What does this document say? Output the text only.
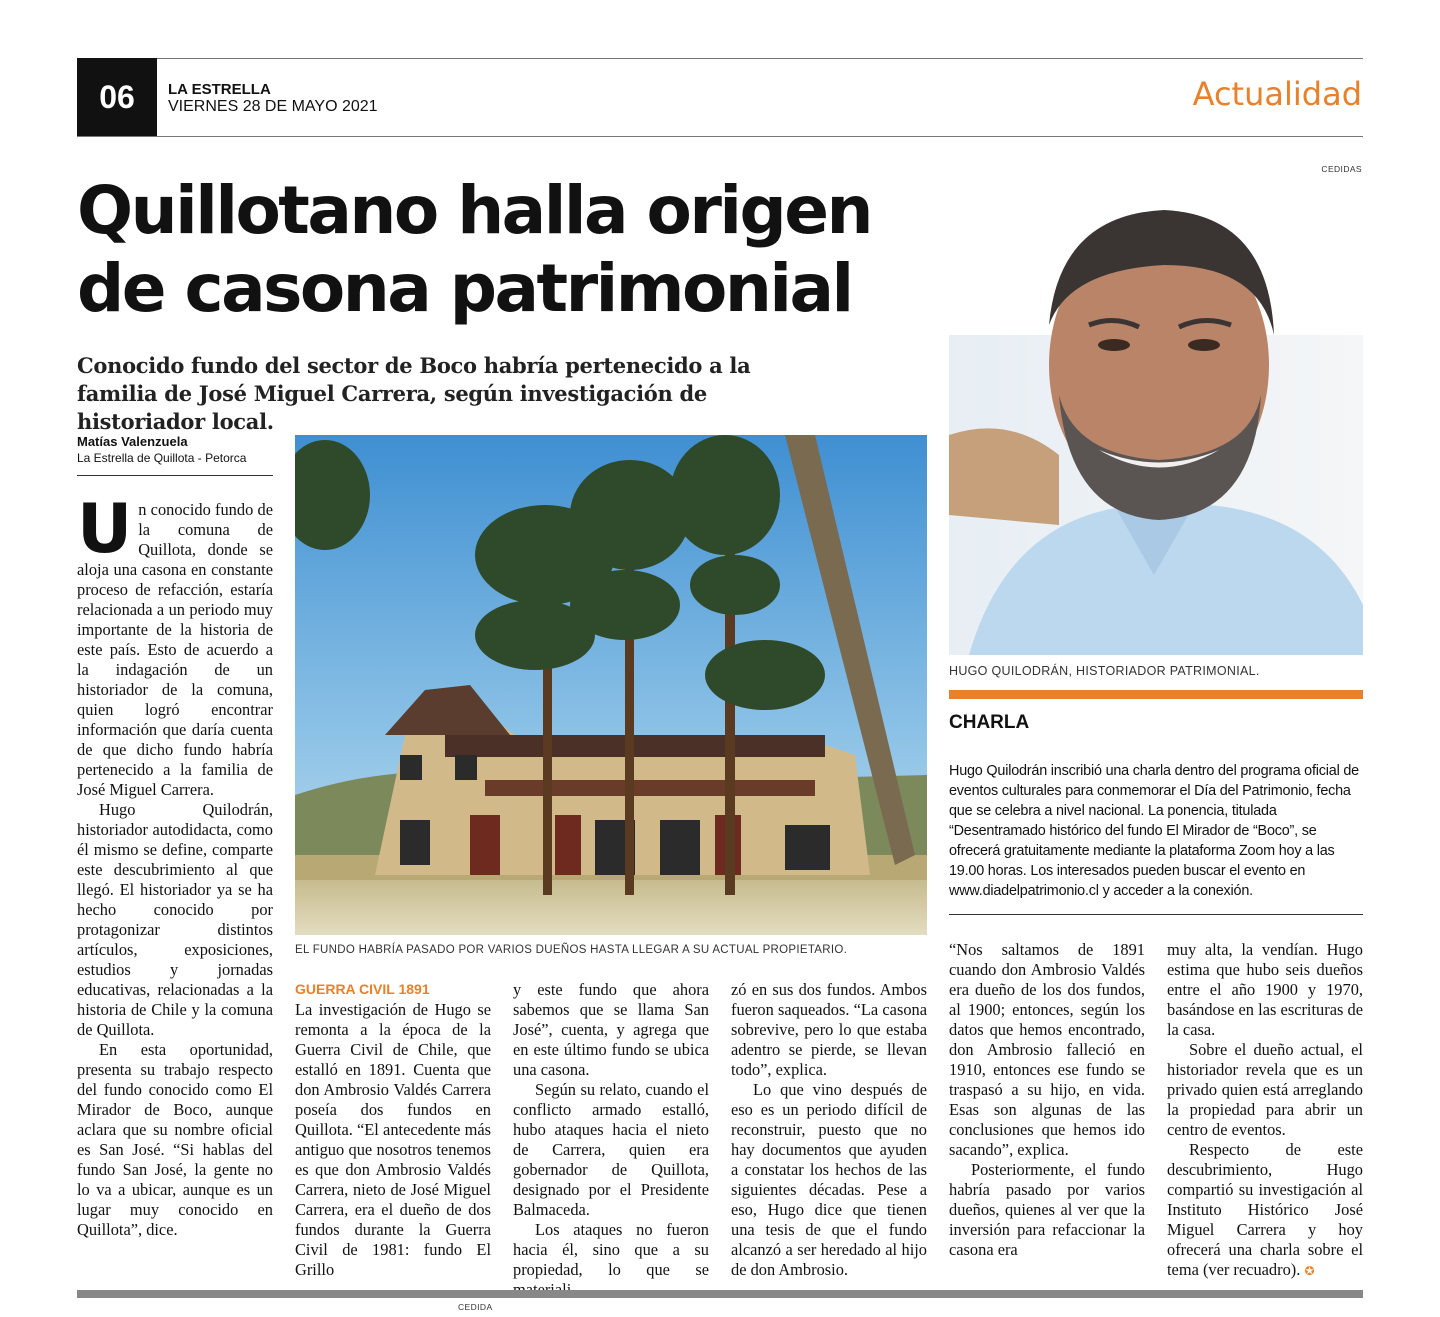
06	LA ESTRELLA
VIERNES 28 DE MAYO 2021	Actualidad
Quillotano halla origen de casona patrimonial
Conocido fundo del sector de Boco habría pertenecido a la familia de José Miguel Carrera, según investigación de historiador local.
Matías Valenzuela
La Estrella de Quillota - Petorca

Un conocido fundo de la comuna de Quillota, donde se aloja una casona en constante proceso de refacción, estaría relacionada a un periodo muy importante de la historia de este país. Esto de acuerdo a la indagación de un historiador de la comuna, quien logró encontrar información que daría cuenta de que dicho fundo habría pertenecido a la familia de José Miguel Carrera.

Hugo Quilodrán, historiador autodidacta, como él mismo se define, comparte este descubrimiento al que llegó. El historiador ya se ha hecho conocido por protagonizar distintos artículos, exposiciones, estudios y jornadas educativas, relacionadas a la historia de Chile y la comuna de Quillota.

En esta oportunidad, presenta su trabajo respecto del fundo conocido como El Mirador de Boco, aunque aclara que su nombre oficial es San José. “Si hablas del fundo San José, la gente no lo va a ubicar, aunque es un lugar muy conocido en Quillota”, dice.

EL FUNDO HABRÍA PASADO POR VARIOS DUEÑOS HASTA LLEGAR A SU ACTUAL PROPIETARIO.
GUERRA CIVIL 1891

La investigación de Hugo se remonta a la época de la Guerra Civil de Chile, que estalló en 1891. Cuenta que don Ambrosio Valdés Carrera poseía dos fundos en Quillota. “El antecedente más antiguo que nosotros tenemos es que don Ambrosio Valdés Carrera, nieto de José Miguel Carrera, era el dueño de dos fundos durante la Guerra Civil de 1981: fundo El Grillo

y este fundo que ahora sabemos que se llama San José”, cuenta, y agrega que en este último fundo se ubica una casona.

Según su relato, cuando el conflicto armado estalló, hubo ataques hacia el nieto de Carrera, quien era gobernador de Quillota, designado por el Presidente Balmaceda.

Los ataques no fueron hacia él, sino que a su propiedad, lo que se

zó en sus dos fundos. Ambos fueron saqueados. “La casona sobrevive, pero lo que estaba adentro se pierde, se llevan todo”, explica.

Lo que vino después de eso es un periodo difícil de reconstruir, puesto que no hay documentos que ayuden a constatar los hechos de las siguientes décadas. Pese a eso, Hugo dice que tienen una tesis de que el fundo alcanzó a ser heredado al hijo de don Ambrosio.

CEDIDAS
HUGO QUILODRÁN, HISTORIADOR PATRIMONIAL.
CHARLA
Hugo Quilodrán inscribió una charla dentro del programa oficial de eventos culturales para conmemorar el Día del Patrimonio, fecha que se celebra a nivel nacional. La ponencia, titulada “Desentramado histórico del fundo El Mirador de “Boco”, se ofrecerá gratuitamente mediante la plataforma Zoom hoy a las 19.00 horas. Los interesados pueden buscar el evento en www.diadelpatrimonio.cl y acceder a la conexión.

“Nos saltamos de 1891 cuando don Ambrosio Valdés era dueño de los dos fundos, al 1900; entonces, según los datos que hemos encontrado, don Ambrosio falleció en 1910, entonces ese fundo se traspasó a su hijo, en vida. Esas son algunas de las conclusiones que hemos ido sacando”, explica.

Posteriormente, el fundo habría pasado por varios dueños, quienes al ver que la inversión para refaccionar la casona era

muy alta, la vendían. Hugo estima que hubo seis dueños entre el año 1900 y 1970, basándose en las escrituras de la casa.

Sobre el dueño actual, el historiador revela que es un privado quien está arreglando la propiedad para abrir un centro de eventos.

Respecto de este descubrimiento, Hugo compartió su investigación al Instituto Histórico José Miguel Carrera y hoy ofrecerá una charla sobre el tema (ver recuadro). ✪

CEDIDA
